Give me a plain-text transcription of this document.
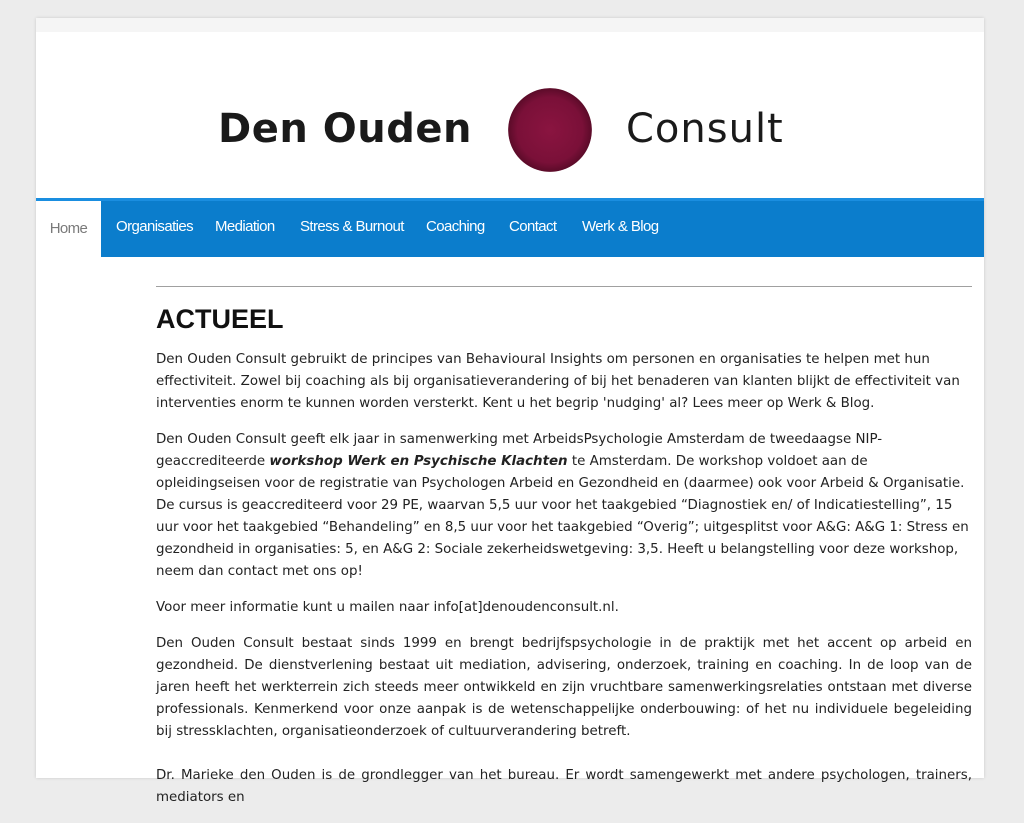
Den Ouden	Consult
Home	Organisaties Mediation Stress & Burnout Coaching Contact Werk & Blog
ACTUEEL

Den Ouden Consult gebruikt de principes van Behavioural Insights om personen en organisaties te helpen met hun effectiviteit. Zowel bij coaching als bij organisatieverandering of bij het benaderen van klanten blijkt de effectiviteit van interventies enorm te kunnen worden versterkt. Kent u het begrip 'nudging' al? Lees meer op Werk & Blog.

Den Ouden Consult geeft elk jaar in samenwerking met ArbeidsPsychologie Amsterdam de tweedaagse NIP-geaccrediteerde workshop Werk en Psychische Klachten te Amsterdam. De workshop voldoet aan de opleidingseisen voor de registratie van Psychologen Arbeid en Gezondheid en (daarmee) ook voor Arbeid & Organisatie. De cursus is geaccrediteerd voor 29 PE, waarvan 5,5 uur voor het taakgebied “Diagnostiek en/ of Indicatiestelling”, 15 uur voor het taakgebied “Behandeling” en 8,5 uur voor het taakgebied “Overig”; uitgesplitst voor A&G: A&G 1: Stress en gezondheid in organisaties: 5, en A&G 2: Sociale zekerheidswetgeving: 3,5. Heeft u belangstelling voor deze workshop, neem dan contact met ons op!

Voor meer informatie kunt u mailen naar info[at]denoudenconsult.nl.

Den Ouden Consult bestaat sinds 1999 en brengt bedrijfspsychologie in de praktijk met het accent op arbeid en gezondheid. De dienstverlening bestaat uit mediation, advisering, onderzoek, training en coaching. In de loop van de jaren heeft het werkterrein zich steeds meer ontwikkeld en zijn vruchtbare samenwerkingsrelaties ontstaan met diverse professionals. Kenmerkend voor onze aanpak is de wetenschappelijke onderbouwing: of het nu individuele begeleiding bij stressklachten, organisatieonderzoek of cultuurverandering betreft.

Dr. Marieke den Ouden is de grondlegger van het bureau. Er wordt samengewerkt met andere psychologen, trainers, mediators en
